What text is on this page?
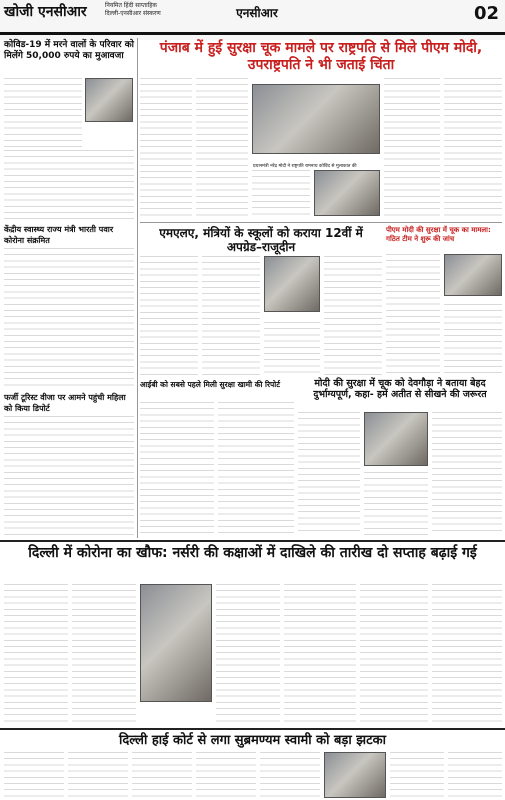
खोजी एनसीआर	नियमित हिंदी साप्ताहिक
दिल्ली-एनसीआर संस्करण	एनसीआर	02
कोविड-19 में मरने वालों के परिवार को मिलेंगे 50,000 रुपये का मुआवजा
केंद्रीय स्वास्थ्य राज्य मंत्री भारती पवार कोरोना संक्रमित
फर्जी टूरिस्ट वीजा पर आमने पहुंची महिला को किया डिपोर्ट
पंजाब में हुई सुरक्षा चूक मामले पर राष्ट्रपति से मिले पीएम मोदी, उपराष्ट्रपति ने भी जताई चिंता
प्रधानमंत्री नरेंद्र मोदी ने राष्ट्रपति रामनाथ कोविंद से मुलाकात की
एमएलए, मंत्रियों के स्कूलों को कराया 12वीं में अपग्रेड–राजूदीन
पीएम मोदी की सुरक्षा में चूक का मामला: गठित टीम ने शुरू की जांच
आईबी को सबसे पहले मिली सुरक्षा खामी की रिपोर्ट	मोदी की सुरक्षा में चूक को देवगौड़ा ने बताया बेहद दुर्भाग्यपूर्ण, कहा- हमें अतीत से सीखने की जरूरत
दिल्ली में कोरोना का खौफ: नर्सरी की कक्षाओं में दाखिले की तारीख दो सप्ताह बढ़ाई गई
दिल्ली हाई कोर्ट से लगा सुब्रमण्यम स्वामी को बड़ा झटका
